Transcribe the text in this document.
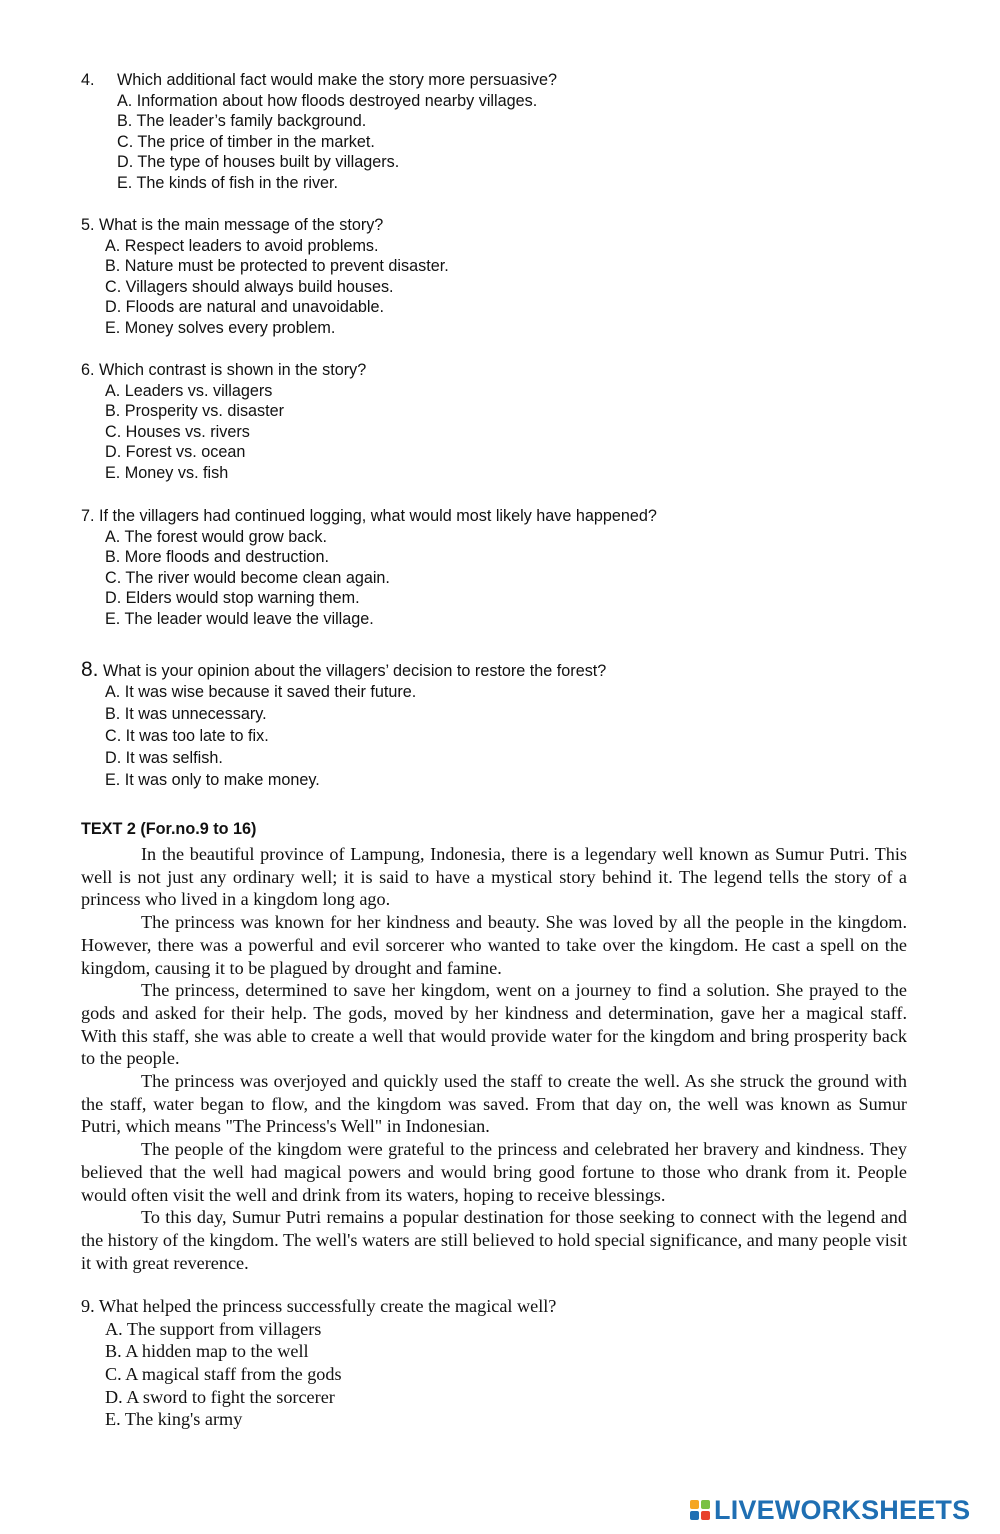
4. Which additional fact would make the story more persuasive?
A. Information about how floods destroyed nearby villages.
B. The leader’s family background.
C. The price of timber in the market.
D. The type of houses built by villagers.
E. The kinds of fish in the river.
5. What is the main message of the story?
A. Respect leaders to avoid problems.
B. Nature must be protected to prevent disaster.
C. Villagers should always build houses.
D. Floods are natural and unavoidable.
E. Money solves every problem.
6. Which contrast is shown in the story?
A. Leaders vs. villagers
B. Prosperity vs. disaster
C. Houses vs. rivers
D. Forest vs. ocean
E. Money vs. fish
7. If the villagers had continued logging, what would most likely have happened?
A. The forest would grow back.
B. More floods and destruction.
C. The river would become clean again.
D. Elders would stop warning them.
E. The leader would leave the village.
8. What is your opinion about the villagers’ decision to restore the forest?
A. It was wise because it saved their future.
B. It was unnecessary.
C. It was too late to fix.
D. It was selfish.
E. It was only to make money.
TEXT 2 (For.no.9 to 16)

In the beautiful province of Lampung, Indonesia, there is a legendary well known as Sumur Putri. This well is not just any ordinary well; it is said to have a mystical story behind it. The legend tells the story of a princess who lived in a kingdom long ago.

The princess was known for her kindness and beauty. She was loved by all the people in the kingdom. However, there was a powerful and evil sorcerer who wanted to take over the kingdom. He cast a spell on the kingdom, causing it to be plagued by drought and famine.

The princess, determined to save her kingdom, went on a journey to find a solution. She prayed to the gods and asked for their help. The gods, moved by her kindness and determination, gave her a magical staff. With this staff, she was able to create a well that would provide water for the kingdom and bring prosperity back to the people.

The princess was overjoyed and quickly used the staff to create the well. As she struck the ground with the staff, water began to flow, and the kingdom was saved. From that day on, the well was known as Sumur Putri, which means "The Princess's Well" in Indonesian.

The people of the kingdom were grateful to the princess and celebrated her bravery and kindness. They believed that the well had magical powers and would bring good fortune to those who drank from it. People would often visit the well and drink from its waters, hoping to receive blessings.

To this day, Sumur Putri remains a popular destination for those seeking to connect with the legend and the history of the kingdom. The well's waters are still believed to hold special significance, and many people visit it with great reverence.

9. What helped the princess successfully create the magical well?
A. The support from villagers
B. A hidden map to the well
C. A magical staff from the gods
D. A sword to fight the sorcerer
E. The king's army
LIVEWORKSHEETS
